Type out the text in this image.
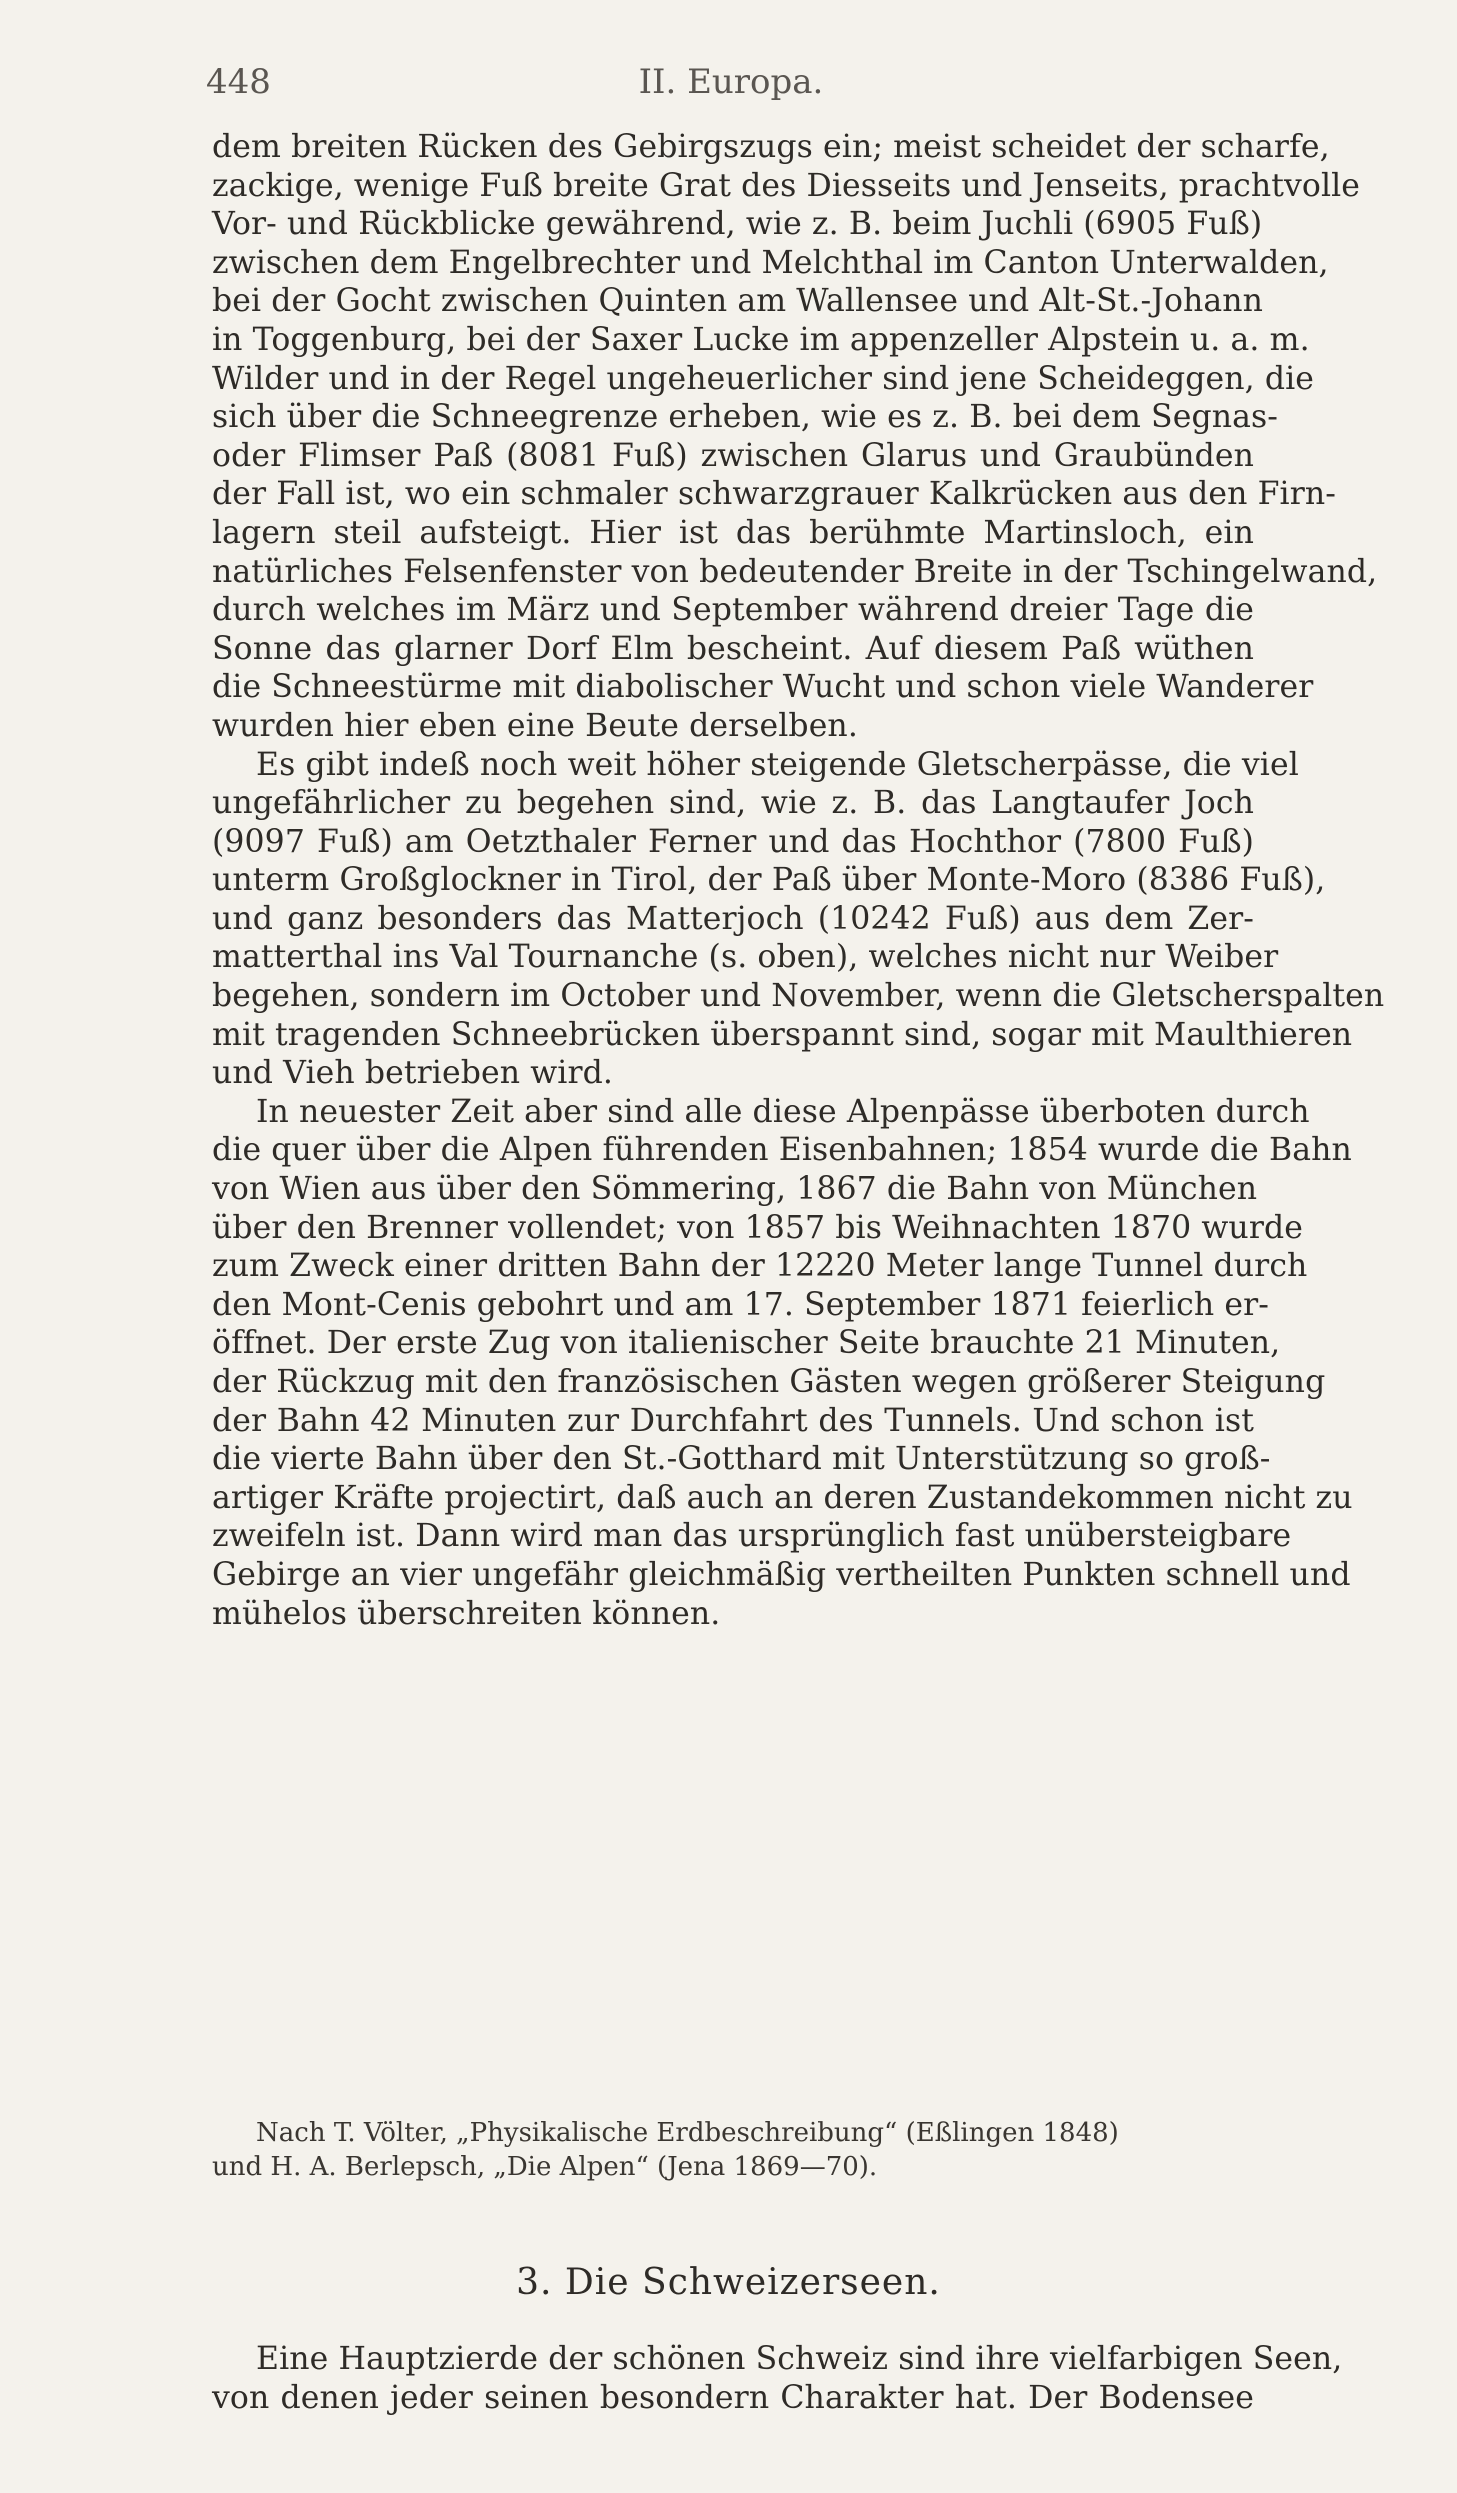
448	II. Europa.
dem breiten Rücken des Gebirgszugs ein; meist scheidet der scharfe,
zackige, wenige Fuß breite Grat des Diesseits und Jenseits, prachtvolle
Vor- und Rückblicke gewährend, wie z. B. beim Juchli (6905 Fuß)
zwischen dem Engelbrechter und Melchthal im Canton Unterwalden,
bei der Gocht zwischen Quinten am Wallensee und Alt-St.-Johann
in Toggenburg, bei der Saxer Lucke im appenzeller Alpstein u. a. m.
Wilder und in der Regel ungeheuerlicher sind jene Scheideggen, die
sich über die Schneegrenze erheben, wie es z. B. bei dem Segnas-
oder Flimser Paß (8081 Fuß) zwischen Glarus und Graubünden
der Fall ist, wo ein schmaler schwarzgrauer Kalkrücken aus den Firn-
lagern steil aufsteigt. Hier ist das berühmte Martinsloch, ein
natürliches Felsenfenster von bedeutender Breite in der Tschingelwand,
durch welches im März und September während dreier Tage die
Sonne das glarner Dorf Elm bescheint. Auf diesem Paß wüthen
die Schneestürme mit diabolischer Wucht und schon viele Wanderer
wurden hier eben eine Beute derselben.
Es gibt indeß noch weit höher steigende Gletscherpässe, die viel
ungefährlicher zu begehen sind, wie z. B. das Langtaufer Joch
(9097 Fuß) am Oetzthaler Ferner und das Hochthor (7800 Fuß)
unterm Großglockner in Tirol, der Paß über Monte-Moro (8386 Fuß),
und ganz besonders das Matterjoch (10242 Fuß) aus dem Zer-
matterthal ins Val Tournanche (s. oben), welches nicht nur Weiber
begehen, sondern im October und November, wenn die Gletscherspalten
mit tragenden Schneebrücken überspannt sind, sogar mit Maulthieren
und Vieh betrieben wird.
In neuester Zeit aber sind alle diese Alpenpässe überboten durch
die quer über die Alpen führenden Eisenbahnen; 1854 wurde die Bahn
von Wien aus über den Sömmering, 1867 die Bahn von München
über den Brenner vollendet; von 1857 bis Weihnachten 1870 wurde
zum Zweck einer dritten Bahn der 12220 Meter lange Tunnel durch
den Mont-Cenis gebohrt und am 17. September 1871 feierlich er-
öffnet. Der erste Zug von italienischer Seite brauchte 21 Minuten,
der Rückzug mit den französischen Gästen wegen größerer Steigung
der Bahn 42 Minuten zur Durchfahrt des Tunnels. Und schon ist
die vierte Bahn über den St.-Gotthard mit Unterstützung so groß-
artiger Kräfte projectirt, daß auch an deren Zustandekommen nicht zu
zweifeln ist. Dann wird man das ursprünglich fast unübersteigbare
Gebirge an vier ungefähr gleichmäßig vertheilten Punkten schnell und
mühelos überschreiten können.
Nach T. Völter, „Physikalische Erdbeschreibung“ (Eßlingen 1848)
und H. A. Berlepsch, „Die Alpen“ (Jena 1869—70).
3. Die Schweizerseen.
Eine Hauptzierde der schönen Schweiz sind ihre vielfarbigen Seen,
von denen jeder seinen besondern Charakter hat. Der Bodensee
